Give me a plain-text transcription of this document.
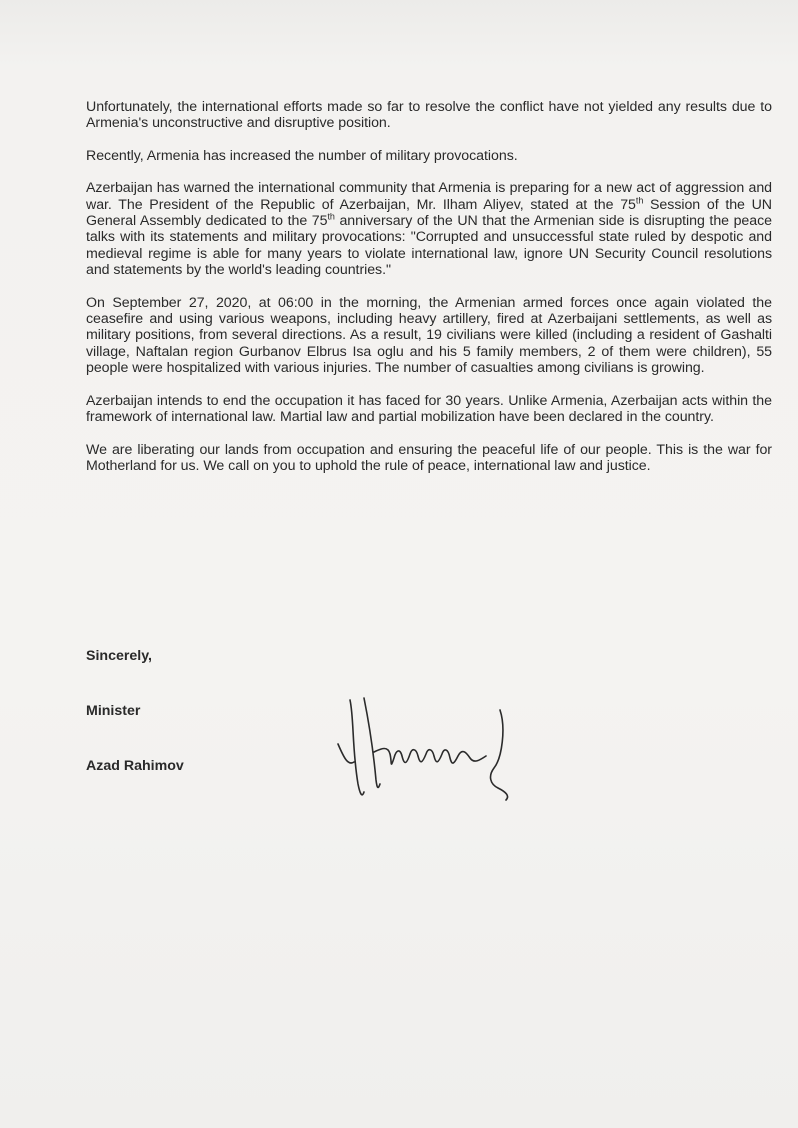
Unfortunately, the international efforts made so far to resolve the conflict have not yielded any results due to Armenia's unconstructive and disruptive position.

Recently, Armenia has increased the number of military provocations.

Azerbaijan has warned the international community that Armenia is preparing for a new act of aggression and war. The President of the Republic of Azerbaijan, Mr. Ilham Aliyev, stated at the 75th Session of the UN General Assembly dedicated to the 75th anniversary of the UN that the Armenian side is disrupting the peace talks with its statements and military provocations: "Corrupted and unsuccessful state ruled by despotic and medieval regime is able for many years to violate international law, ignore UN Security Council resolutions and statements by the world's leading countries."

On September 27, 2020, at 06:00 in the morning, the Armenian armed forces once again violated the ceasefire and using various weapons, including heavy artillery, fired at Azerbaijani settlements, as well as military positions, from several directions. As a result, 19 civilians were killed (including a resident of Gashalti village, Naftalan region Gurbanov Elbrus Isa oglu and his 5 family members, 2 of them were children), 55 people were hospitalized with various injuries. The number of casualties among civilians is growing.

Azerbaijan intends to end the occupation it has faced for 30 years. Unlike Armenia, Azerbaijan acts within the framework of international law. Martial law and partial mobilization have been declared in the country.

We are liberating our lands from occupation and ensuring the peaceful life of our people. This is the war for Motherland for us. We call on you to uphold the rule of peace, international law and justice.

Sincerely,
Minister
Azad Rahimov
